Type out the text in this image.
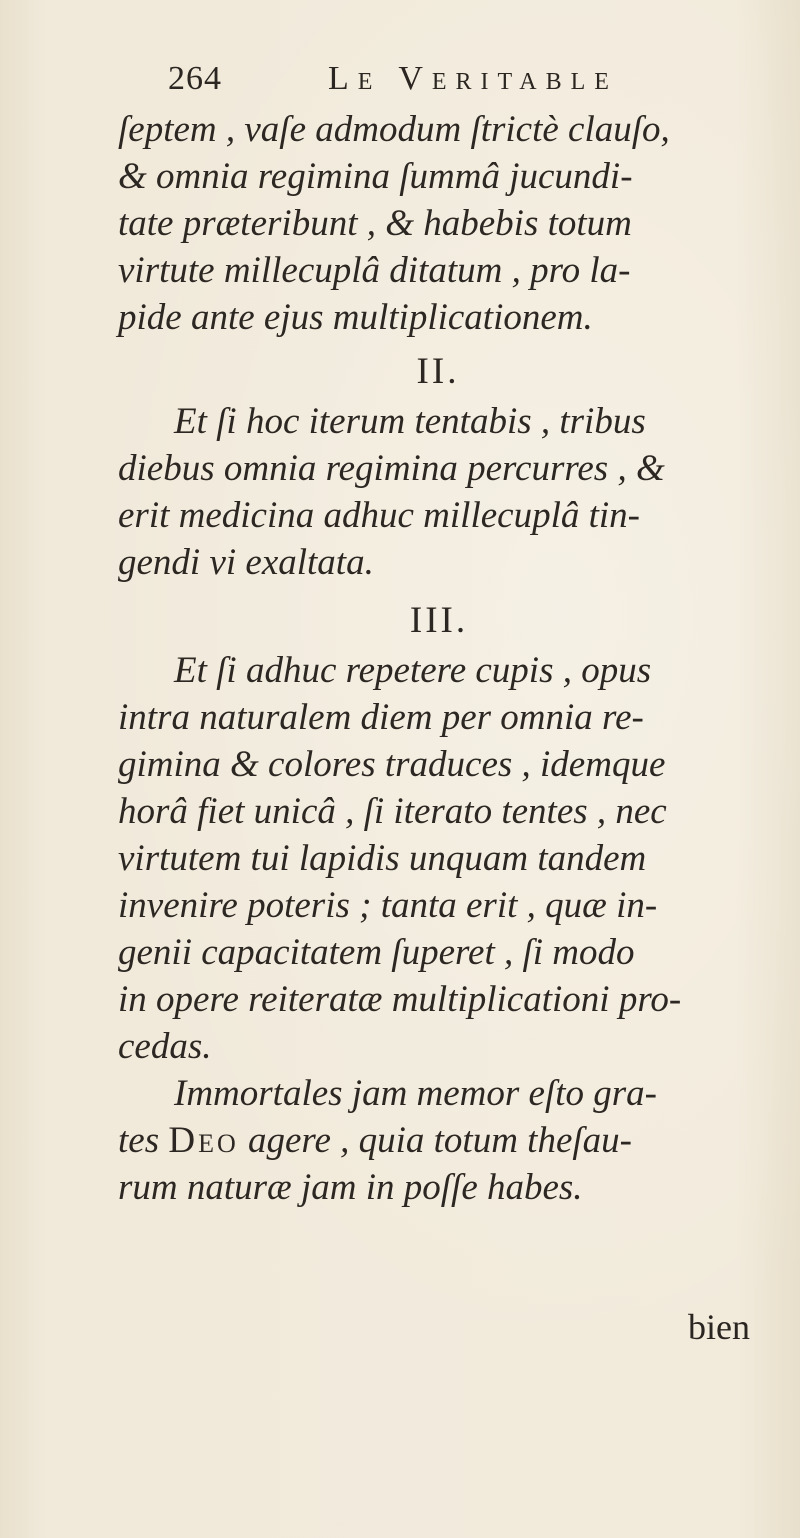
264	Le Veritable
ſeptem , vaſe admodum ſtrictè clauſo,
& omnia regimina ſummâ jucundi-
tate præteribunt , & habebis totum
virtute millecuplâ ditatum , pro la-
pide ante ejus multiplicationem.
II.
Et ſi hoc iterum tentabis , tribus
diebus omnia regimina percurres , &
erit medicina adhuc millecuplâ tin-
gendi vi exaltata.
III.
Et ſi adhuc repetere cupis , opus
intra naturalem diem per omnia re-
gimina & colores traduces , idemque
horâ fiet unicâ , ſi iterato tentes , nec
virtutem tui lapidis unquam tandem
invenire poteris ; tanta erit , quæ in-
genii capacitatem ſuperet , ſi modo
in opere reiteratæ multiplicationi pro-
cedas.
Immortales jam memor eſto gra-
tes Deo agere , quia totum theſau-
rum naturæ jam in poſſe habes.
bien
